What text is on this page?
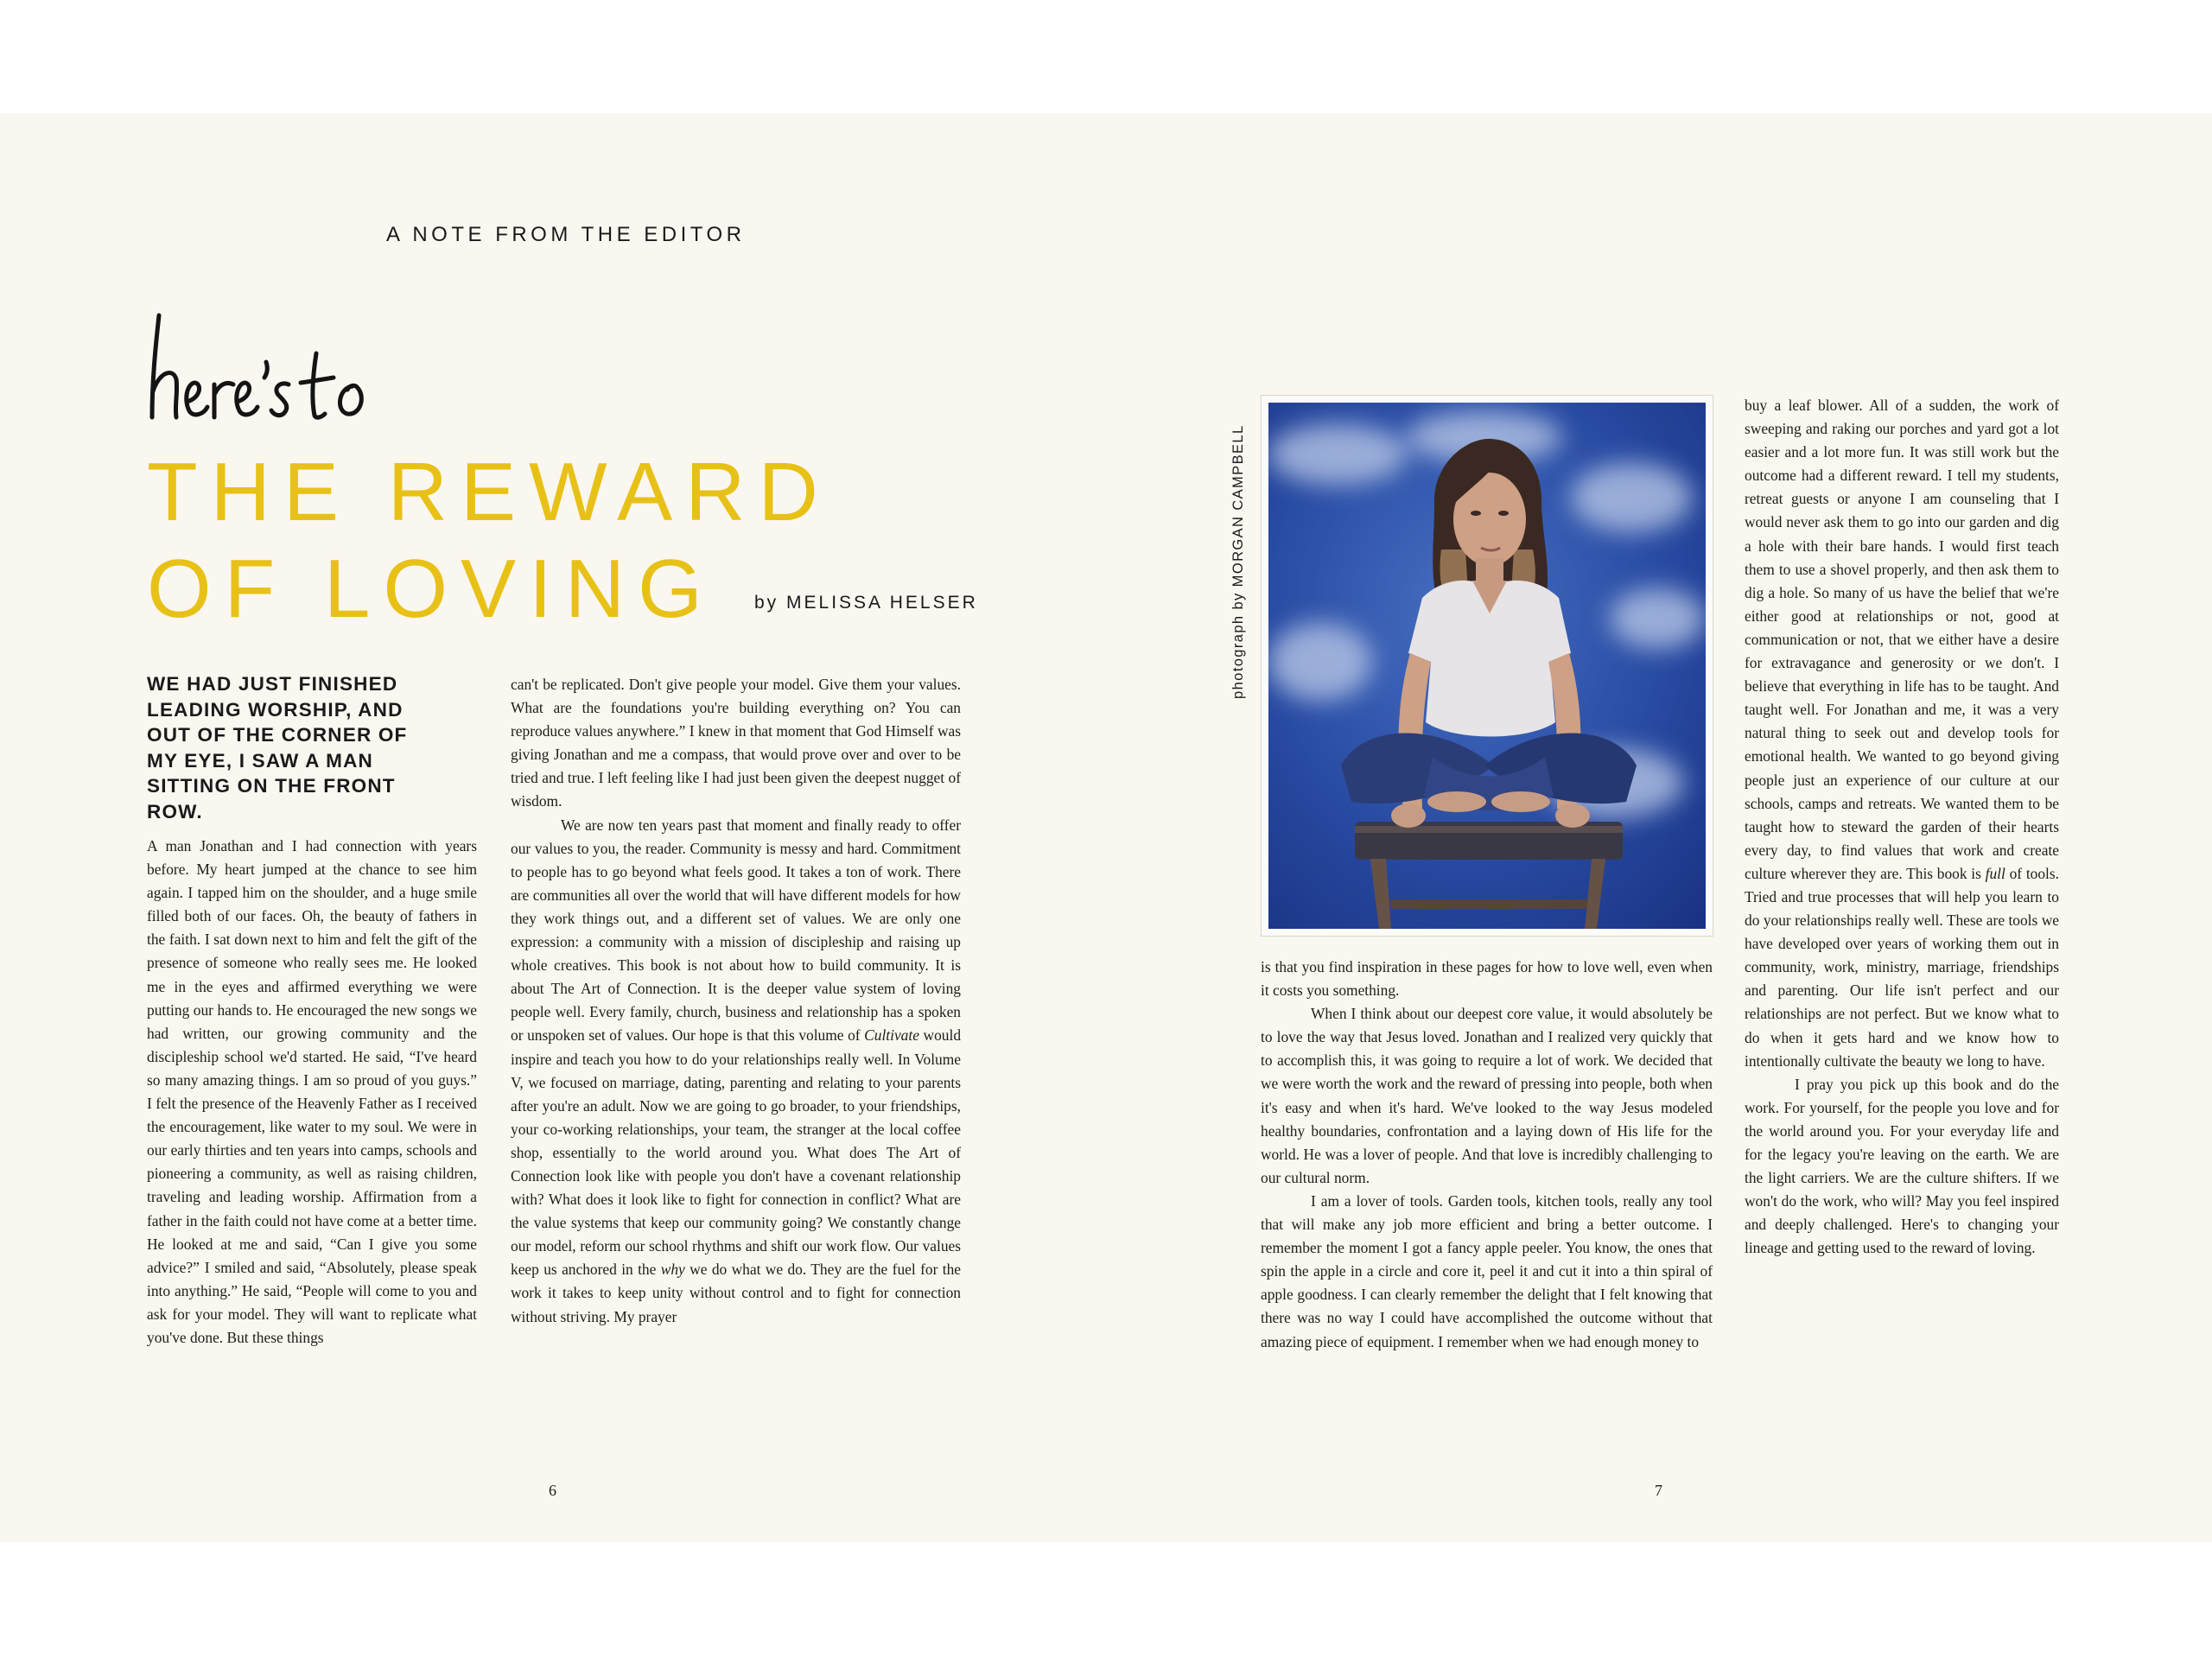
A NOTE FROM THE EDITOR
THE REWARD
OF LOVING	by MELISSA HELSER

WE HAD JUST FINISHED LEADING WORSHIP, AND OUT OF THE CORNER OF MY EYE, I SAW A MAN SITTING ON THE FRONT ROW.

A man Jonathan and I had connection with years before. My heart jumped at the chance to see him again. I tapped him on the shoulder, and a huge smile filled both of our faces. Oh, the beauty of fathers in the faith. I sat down next to him and felt the gift of the presence of someone who really sees me. He looked me in the eyes and affirmed everything we were putting our hands to. He encouraged the new songs we had written, our growing community and the discipleship school we'd started. He said, “I've heard so many amazing things. I am so proud of you guys.” I felt the presence of the Heavenly Father as I received the encouragement, like water to my soul. We were in our early thirties and ten years into camps, schools and pioneering a community, as well as raising children, traveling and leading worship. Affirmation from a father in the faith could not have come at a better time. He looked at me and said, “Can I give you some advice?” I smiled and said, “Absolutely, please speak into anything.” He said, “People will come to you and ask for your model. They will want to replicate what you've done. But these things

can't be replicated. Don't give people your model. Give them your values. What are the foundations you're building everything on? You can reproduce values anywhere.” I knew in that moment that God Himself was giving Jonathan and me a compass, that would prove over and over to be tried and true. I left feeling like I had just been given the deepest nugget of wisdom.

We are now ten years past that moment and finally ready to offer our values to you, the reader. Community is messy and hard. Commitment to people has to go beyond what feels good. It takes a ton of work. There are communities all over the world that will have different models for how they work things out, and a different set of values. We are only one expression: a community with a mission of discipleship and raising up whole creatives. This book is not about how to build community. It is about The Art of Connection. It is the deeper value system of loving people well. Every family, church, business and relationship has a spoken or unspoken set of values. Our hope is that this volume of Cultivate would inspire and teach you how to do your relationships really well. In Volume V, we focused on marriage, dating, parenting and relating to your parents after you're an adult. Now we are going to go broader, to your friendships, your co-working relationships, your team, the stranger at the local coffee shop, essentially to the world around you. What does The Art of Connection look like with people you don't have a covenant relationship with? What does it look like to fight for connection in conflict? What are the value systems that keep our community going? We constantly change our model, reform our school rhythms and shift our work flow. Our values keep us anchored in the why we do what we do. They are the fuel for the work it takes to keep unity without control and to fight for connection without striving. My prayer

6
photograph by MORGAN CAMPBELL

is that you find inspiration in these pages for how to love well, even when it costs you something.

When I think about our deepest core value, it would absolutely be to love the way that Jesus loved. Jonathan and I realized very quickly that to accomplish this, it was going to require a lot of work. We decided that we were worth the work and the reward of pressing into people, both when it's easy and when it's hard. We've looked to the way Jesus modeled healthy boundaries, confrontation and a laying down of His life for the world. He was a lover of people. And that love is incredibly challenging to our cultural norm.

I am a lover of tools. Garden tools, kitchen tools, really any tool that will make any job more efficient and bring a better outcome. I remember the moment I got a fancy apple peeler. You know, the ones that spin the apple in a circle and core it, peel it and cut it into a thin spiral of apple goodness. I can clearly remember the delight that I felt knowing that there was no way I could have accomplished the outcome without that amazing piece of equipment. I remember when we had enough money to

buy a leaf blower. All of a sudden, the work of sweeping and raking our porches and yard got a lot easier and a lot more fun. It was still work but the outcome had a different reward. I tell my students, retreat guests or anyone I am counseling that I would never ask them to go into our garden and dig a hole with their bare hands. I would first teach them to use a shovel properly, and then ask them to dig a hole. So many of us have the belief that we're either good at relationships or not, good at communication or not, that we either have a desire for extravagance and generosity or we don't. I believe that everything in life has to be taught. And taught well. For Jonathan and me, it was a very natural thing to seek out and develop tools for emotional health. We wanted to go beyond giving people just an experience of our culture at our schools, camps and retreats. We wanted them to be taught how to steward the garden of their hearts every day, to find values that work and create culture wherever they are. This book is full of tools. Tried and true processes that will help you learn to do your relationships really well. These are tools we have developed over years of working them out in community, work, ministry, marriage, friendships and parenting. Our life isn't perfect and our relationships are not perfect. But we know what to do when it gets hard and we know how to intentionally cultivate the beauty we long to have.

I pray you pick up this book and do the work. For yourself, for the people you love and for the world around you. For your everyday life and for the legacy you're leaving on the earth. We are the light carriers. We are the culture shifters. If we won't do the work, who will? May you feel inspired and deeply challenged. Here's to changing your lineage and getting used to the reward of loving.

7
